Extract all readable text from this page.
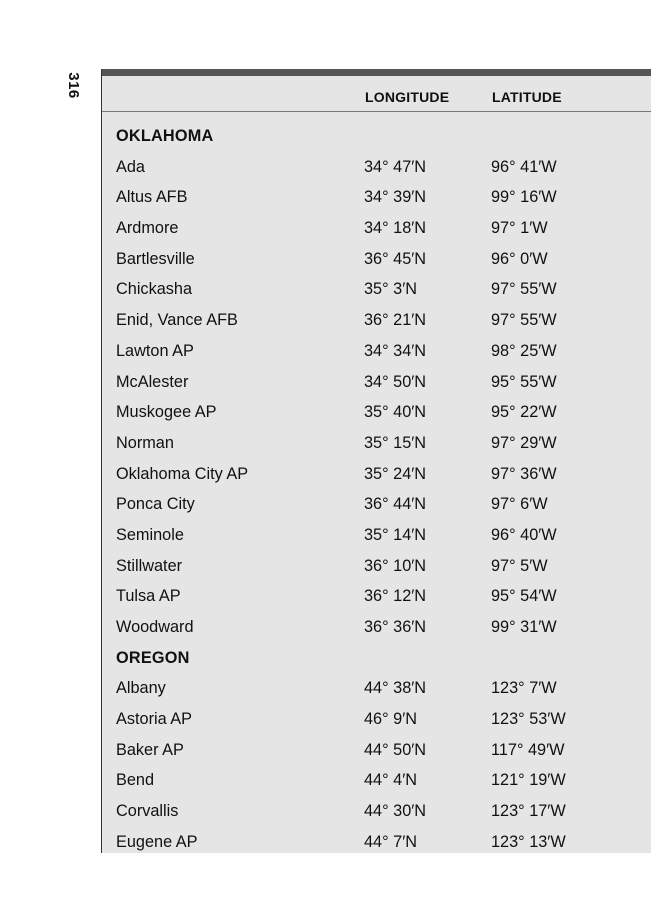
316	LONGITUDE	LATITUDE
OKLAHOMA
Ada	34° 47′N	96° 41′W
Altus AFB	34° 39′N	99° 16′W
Ardmore	34° 18′N	97° 1′W
Bartlesville	36° 45′N	96° 0′W
Chickasha	35° 3′N	97° 55′W
Enid, Vance AFB	36° 21′N	97° 55′W
Lawton AP	34° 34′N	98° 25′W
McAlester	34° 50′N	95° 55′W
Muskogee AP	35° 40′N	95° 22′W
Norman	35° 15′N	97° 29′W
Oklahoma City AP	35° 24′N	97° 36′W
Ponca City	36° 44′N	97° 6′W
Seminole	35° 14′N	96° 40′W
Stillwater	36° 10′N	97° 5′W
Tulsa AP	36° 12′N	95° 54′W
Woodward	36° 36′N	99° 31′W
OREGON
Albany	44° 38′N	123° 7′W
Astoria AP	46° 9′N	123° 53′W
Baker AP	44° 50′N	117° 49′W
Bend	44° 4′N	121° 19′W
Corvallis	44° 30′N	123° 17′W
Eugene AP	44° 7′N	123° 13′W
